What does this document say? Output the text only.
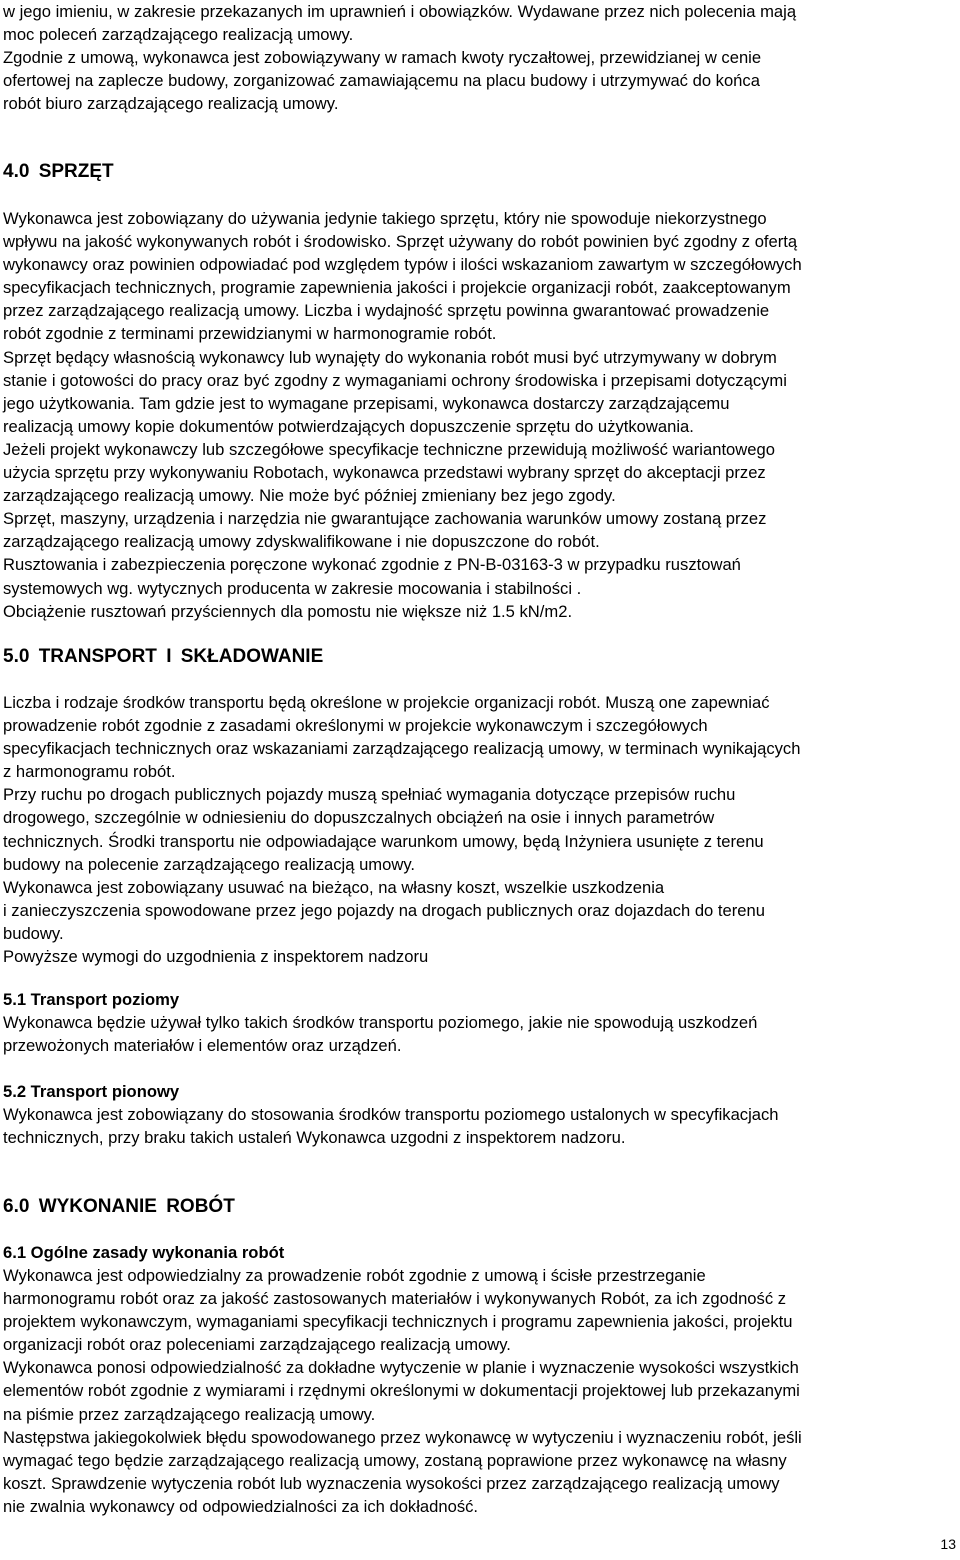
w jego imieniu, w zakresie przekazanych im uprawnień i obowiązków. Wydawane przez nich polecenia mają
moc poleceń zarządzającego realizacją umowy.
Zgodnie z umową, wykonawca jest zobowiązywany w ramach kwoty ryczałtowej, przewidzianej w cenie
ofertowej na zaplecze budowy, zorganizować zamawiającemu na placu budowy i utrzymywać do końca
robót biuro zarządzającego realizacją umowy.

4.0 SPRZĘT

Wykonawca jest zobowiązany do używania jedynie takiego sprzętu, który nie spowoduje niekorzystnego
wpływu na jakość wykonywanych robót i środowisko. Sprzęt używany do robót powinien być zgodny z ofertą
wykonawcy oraz powinien odpowiadać pod względem typów i ilości wskazaniom zawartym w szczegółowych
specyfikacjach technicznych, programie zapewnienia jakości i projekcie organizacji robót, zaakceptowanym
przez zarządzającego realizacją umowy. Liczba i wydajność sprzętu powinna gwarantować prowadzenie
robót zgodnie z terminami przewidzianymi w harmonogramie robót.
Sprzęt będący własnością wykonawcy lub wynajęty do wykonania robót musi być utrzymywany w dobrym
stanie i gotowości do pracy oraz być zgodny z wymaganiami ochrony środowiska i przepisami dotyczącymi
jego użytkowania. Tam gdzie jest to wymagane przepisami, wykonawca dostarczy zarządzającemu
realizacją umowy kopie dokumentów potwierdzających dopuszczenie sprzętu do użytkowania.
Jeżeli projekt wykonawczy lub szczegółowe specyfikacje techniczne przewidują możliwość wariantowego
użycia sprzętu przy wykonywaniu Robotach, wykonawca przedstawi wybrany sprzęt do akceptacji przez
zarządzającego realizacją umowy. Nie może być później zmieniany bez jego zgody.
Sprzęt, maszyny, urządzenia i narzędzia nie gwarantujące zachowania warunków umowy zostaną przez
zarządzającego realizacją umowy zdyskwalifikowane i nie dopuszczone do robót.
Rusztowania i zabezpieczenia poręczone wykonać zgodnie z PN-B-03163-3 w przypadku rusztowań
systemowych wg. wytycznych producenta w zakresie mocowania i stabilności .
Obciążenie rusztowań przyściennych dla pomostu nie większe niż 1.5 kN/m2.

5.0 TRANSPORT I SKŁADOWANIE

Liczba i rodzaje środków transportu będą określone w projekcie organizacji robót. Muszą one zapewniać
prowadzenie robót zgodnie z zasadami określonymi w projekcie wykonawczym i szczegółowych
specyfikacjach technicznych oraz wskazaniami zarządzającego realizacją umowy, w terminach wynikających
z harmonogramu robót.
Przy ruchu po drogach publicznych pojazdy muszą spełniać wymagania dotyczące przepisów ruchu
drogowego, szczególnie w odniesieniu do dopuszczalnych obciążeń na osie i innych parametrów
technicznych. Środki transportu nie odpowiadające warunkom umowy, będą Inżyniera usunięte z terenu
budowy na polecenie zarządzającego realizacją umowy.
Wykonawca jest zobowiązany usuwać na bieżąco, na własny koszt, wszelkie uszkodzenia
i zanieczyszczenia spowodowane przez jego pojazdy na drogach publicznych oraz dojazdach do terenu
budowy.
Powyższe wymogi do uzgodnienia z inspektorem nadzoru

5.1 Transport poziomy

Wykonawca będzie używał tylko takich środków transportu poziomego, jakie nie spowodują uszkodzeń
przewożonych materiałów i elementów oraz urządzeń.

5.2 Transport pionowy

Wykonawca jest zobowiązany do stosowania środków transportu poziomego ustalonych w specyfikacjach
technicznych, przy braku takich ustaleń Wykonawca uzgodni z inspektorem nadzoru.

6.0 WYKONANIE ROBÓT
6.1 Ogólne zasady wykonania robót

Wykonawca jest odpowiedzialny za prowadzenie robót zgodnie z umową i ścisłe przestrzeganie
harmonogramu robót oraz za jakość zastosowanych materiałów i wykonywanych Robót, za ich zgodność z
projektem wykonawczym, wymaganiami specyfikacji technicznych i programu zapewnienia jakości, projektu
organizacji robót oraz poleceniami zarządzającego realizacją umowy.
Wykonawca ponosi odpowiedzialność za dokładne wytyczenie w planie i wyznaczenie wysokości wszystkich
elementów robót zgodnie z wymiarami i rzędnymi określonymi w dokumentacji projektowej lub przekazanymi
na piśmie przez zarządzającego realizacją umowy.
Następstwa jakiegokolwiek błędu spowodowanego przez wykonawcę w wytyczeniu i wyznaczeniu robót, jeśli
wymagać tego będzie zarządzającego realizacją umowy, zostaną poprawione przez wykonawcę na własny
koszt. Sprawdzenie wytyczenia robót lub wyznaczenia wysokości przez zarządzającego realizacją umowy
nie zwalnia wykonawcy od odpowiedzialności za ich dokładność.

13
